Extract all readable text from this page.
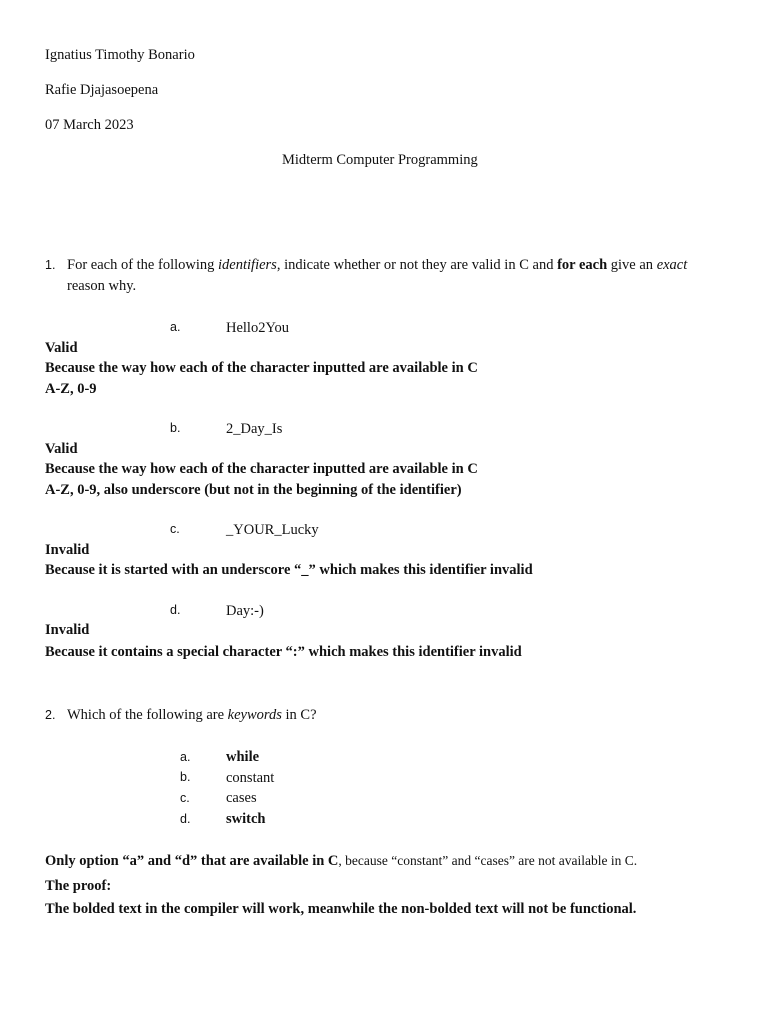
Ignatius Timothy Bonario
Rafie Djajasoepena
07 March 2023
Midterm Computer Programming
1. For each of the following identifiers, indicate whether or not they are valid in C and for each give an exact
reason why.
a.	Hello2You
Valid
Because the way how each of the character inputted are available in C
A-Z, 0-9
b.	2_Day_Is
Valid
Because the way how each of the character inputted are available in C
A-Z, 0-9, also underscore (but not in the beginning of the identifier)
c.	_YOUR_Lucky
Invalid
Because it is started with an underscore “_” which makes this identifier invalid
d.	Day:-)
Invalid
Because it contains a special character “:” which makes this identifier invalid
2. Which of the following are keywords in C?
a. while
b. constant
c.	cases
d. switch
Only option “a” and “d” that are available in C, because “constant” and “cases” are not available in C.
The proof:
The bolded text in the compiler will work, meanwhile the non-bolded text will not be functional.
